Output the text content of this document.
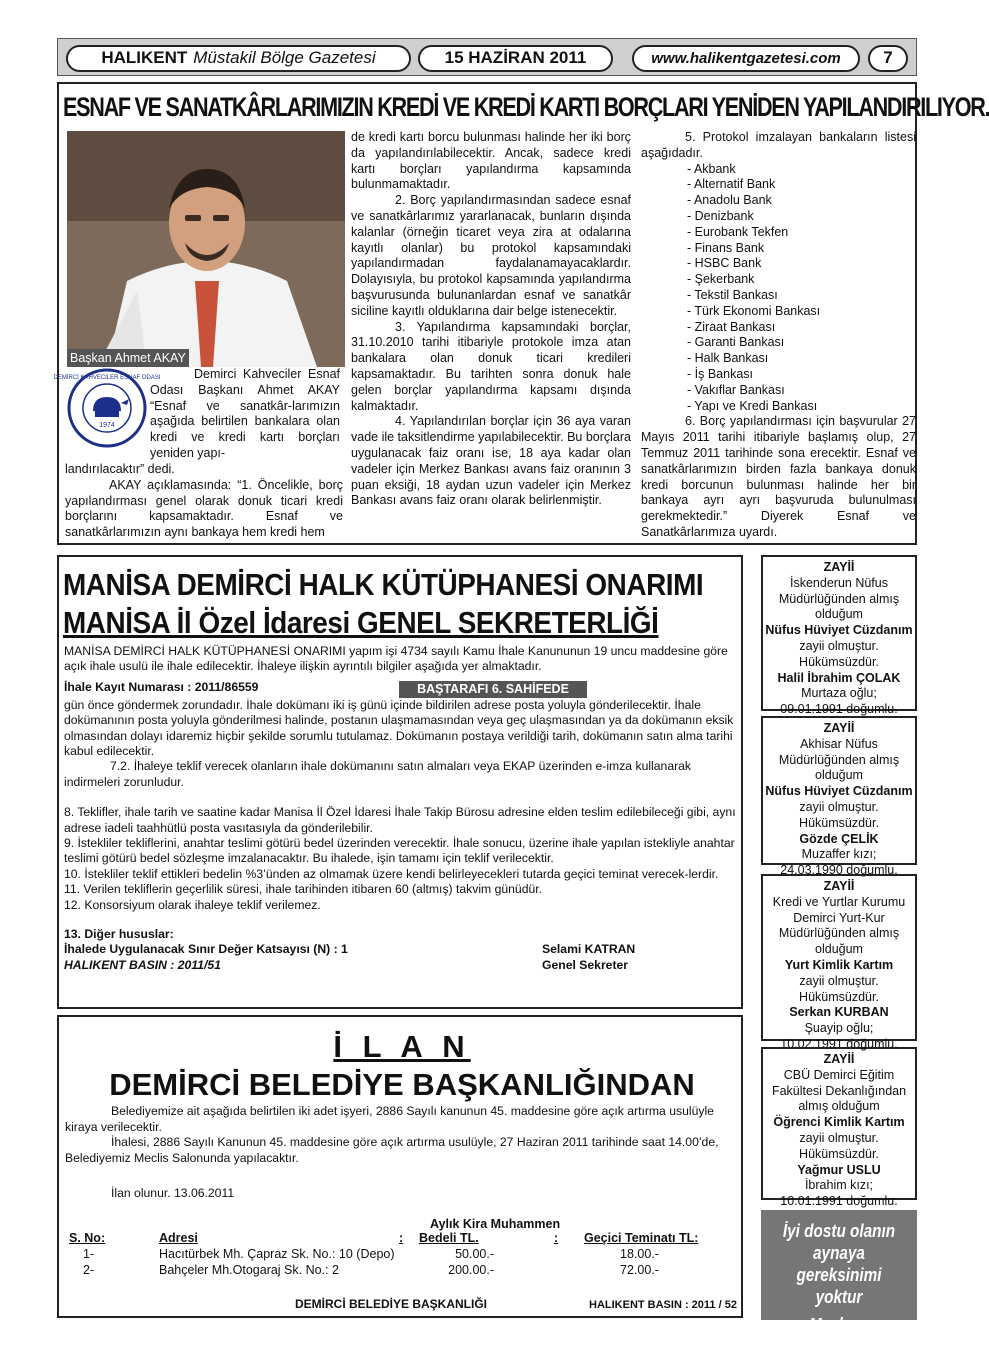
HALIKENT Müstakil Bölge Gazetesi	15 HAZİRAN 2011	www.halikentgazetesi.com	7
ESNAF VE SANATKÂRLARIMIZIN KREDİ VE KREDİ KARTI BORÇLARI YENİDEN YAPILANDIRILIYOR.
Başkan Ahmet AKAY
1974
DEMİRCİ KAHVECİLER ESNAF ODASI	Demirci Kahveciler Esnaf Odası Başkanı Ahmet AKAY “Esnaf ve sanatkâr-larımızın aşağıda belirtilen bankalara olan kredi ve kredi kartı borçları yeniden yapı-

landırılacaktır” dedi.

AKAY açıklamasında: “1. Öncelikle, borç yapılandırması genel olarak donuk ticari kredi borçlarını kapsamaktadır. Esnaf ve sanatkârlarımızın aynı bankaya hem kredi hem

de kredi kartı borcu bulunması halinde her iki borç da yapılandırılabilecektir. Ancak, sadece kredi kartı borçları yapılandırma kapsamında bulunmamaktadır.

2. Borç yapılandırmasından sadece esnaf ve sanatkârlarımız yararlanacak, bunların dışında kalanlar (örneğin ticaret veya zira at odalarına kayıtlı olanlar) bu protokol kapsamındaki yapılandırmadan faydalanamayacaklardır. Dolayısıyla, bu protokol kapsamında yapılandırma başvurusunda bulunanlardan esnaf ve sanatkâr siciline kayıtlı olduklarına dair belge istenecektir.

3. Yapılandırma kapsamındaki borçlar, 31.10.2010 tarihi itibariyle protokole imza atan bankalara olan donuk ticari kredileri kapsamaktadır. Bu tarihten sonra donuk hale gelen borçlar yapılandırma kapsamı dışında kalmaktadır.

4. Yapılandırılan borçlar için 36 aya varan vade ile taksitlendirme yapılabilecektir. Bu borçlara uygulanacak faiz oranı ise, 18 aya kadar olan vadeler için Merkez Bankası avans faiz oranının 3 puan eksiği, 18 aydan uzun vadeler için Merkez Bankası avans faiz oranı olarak belirlenmiştir.

5. Protokol imzalayan bankaların listesi aşağıdadır.

- Akbank
- Alternatif Bank
- Anadolu Bank
- Denizbank
- Eurobank Tekfen
- Finans Bank
- HSBC Bank
- Şekerbank
- Tekstil Bankası
- Türk Ekonomi Bankası
- Ziraat Bankası
- Garanti Bankası
- Halk Bankası
- İş Bankası
- Vakıflar Bankası
- Yapı ve Kredi Bankası

6. Borç yapılandırması için başvurular 27 Mayıs 2011 tarihi itibariyle başlamış olup, 27 Temmuz 2011 tarihinde sona erecektir. Esnaf ve sanatkârlarımızın birden fazla bankaya donuk kredi borcunun bulunması halinde her bir bankaya ayrı ayrı başvuruda bulunulması gerekmektedir.” Diyerek Esnaf ve Sanatkârlarımıza uyardı.

MANİSA DEMİRCİ HALK KÜTÜPHANESİ ONARIMI
MANİSA İl Özel İdaresi GENEL SEKRETERLİĞİ

MANİSA DEMİRCİ HALK KÜTÜPHANESİ ONARIMI yapım işi 4734 sayılı Kamu İhale Kanununun 19 uncu maddesine göre açık ihale usulü ile ihale edilecektir. İhaleye ilişkin ayrıntılı bilgiler aşağıda yer almaktadır.

İhale Kayıt Numarası : 2011/86559	BAŞTARAFI 6. SAHİFEDE

gün önce göndermek zorundadır. İhale dokümanı iki iş günü içinde bildirilen adrese posta yoluyla gönderilecektir. İhale dokümanının posta yoluyla gönderilmesi halinde, postanın ulaşmamasından veya geç ulaşmasından ya da dokümanın eksik olmasından dolayı idaremiz hiçbir şekilde sorumlu tutulamaz. Dokümanın postaya verildiği tarih, dokümanın satın alma tarihi kabul edilecektir.

7.2. İhaleye teklif verecek olanların ihale dokümanını satın almaları veya EKAP üzerinden e-imza kullanarak indirmeleri zorunludur.

8. Teklifler, ihale tarih ve saatine kadar Manisa İl Özel İdaresi İhale Takip Bürosu adresine elden teslim edilebileceği gibi, aynı adrese iadeli taahhütlü posta vasıtasıyla da gönderilebilir.

9. İstekliler tekliflerini, anahtar teslimi götürü bedel üzerinden verecektir. İhale sonucu, üzerine ihale yapılan istekliyle anahtar teslimi götürü bedel sözleşme imzalanacaktır. Bu ihalede, işin tamamı için teklif verilecektir.

10. İstekliler teklif ettikleri bedelin %3’ünden az olmamak üzere kendi belirleyecekleri tutarda geçici teminat verecek-lerdir.

11. Verilen tekliflerin geçerlilik süresi, ihale tarihinden itibaren 60 (altmış) takvim günüdür.

12. Konsorsiyum olarak ihaleye teklif verilemez.

13. Diğer hususlar:
İhalede Uygulanacak Sınır Değer Katsayısı (N) : 1
HALIKENT BASIN : 2011/51
Selami KATRAN
Genel Sekreter
İ L A N
DEMİRCİ BELEDİYE BAŞKANLIĞINDAN

Belediyemize ait aşağıda belirtilen iki adet işyeri, 2886 Sayılı kanunun 45. maddesine göre açık artırma usulüyle kiraya verilecektir.

İhalesi, 2886 Sayılı Kanunun 45. maddesine göre açık artırma usulüyle, 27 Haziran 2011 tarihinde saat 14.00’de, Belediyemiz Meclis Salonunda yapılacaktır.

İlan olunur. 13.06.2011
Aylık Kira Muhammen
S. No:	Adresi	:	Bedeli TL.	:	Geçici Teminatı TL:
1-	Hacıtürbek Mh. Çapraz Sk. No.: 10 (Depo)		50.00.-		18.00.-
2-	Bahçeler Mh.Otogaraj Sk. No.: 2		200.00.-		72.00.-
DEMİRCİ BELEDİYE BAŞKANLIĞI	HALIKENT BASIN : 2011 / 52
ZAYİİ
İskenderun Nüfus Müdürlüğünden almış olduğum
Nüfus Hüviyet Cüzdanım
zayii olmuştur. Hükümsüzdür.
Halil İbrahim ÇOLAK
Murtaza oğlu;
09.01.1991 doğumlu.
ZAYİİ
Akhisar Nüfus Müdürlüğünden almış olduğum
Nüfus Hüviyet Cüzdanım
zayii olmuştur. Hükümsüzdür.
Gözde ÇELİK
Muzaffer kızı;
24.03.1990 doğumlu.
ZAYİİ
Kredi ve Yurtlar Kurumu Demirci Yurt-Kur Müdürlüğünden almış olduğum
Yurt Kimlik Kartım
zayii olmuştur. Hükümsüzdür.
Serkan KURBAN
Şuayip oğlu;
10.02.1991 doğumlu.
ZAYİİ
CBÜ Demirci Eğitim Fakültesi Dekanlığından almış olduğum
Öğrenci Kimlik Kartım
zayii olmuştur. Hükümsüzdür.
Yağmur USLU
İbrahim kızı;
10.01.1991 doğumlu.
İyi dostu olanın aynaya gereksinimi yoktur
Mevlana
